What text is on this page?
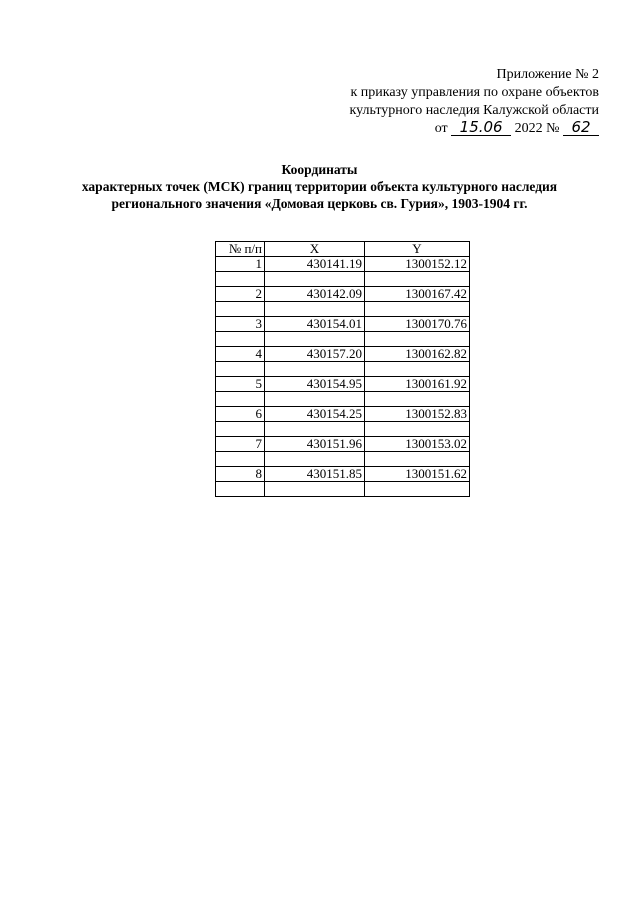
Приложение № 2
к приказу управления по охране объектов
культурного наследия Калужской области
от 15.06 2022 № 62
Координаты
характерных точек (МСК) границ территории объекта культурного наследия
регионального значения «Домовая церковь св. Гурия», 1903-1904 гг.
№ п/п	X	Y
1	430141.19	1300152.12

2	430142.09	1300167.42

3	430154.01	1300170.76

4	430157.20	1300162.82

5	430154.95	1300161.92

6	430154.25	1300152.83

7	430151.96	1300153.02

8	430151.85	1300151.62
